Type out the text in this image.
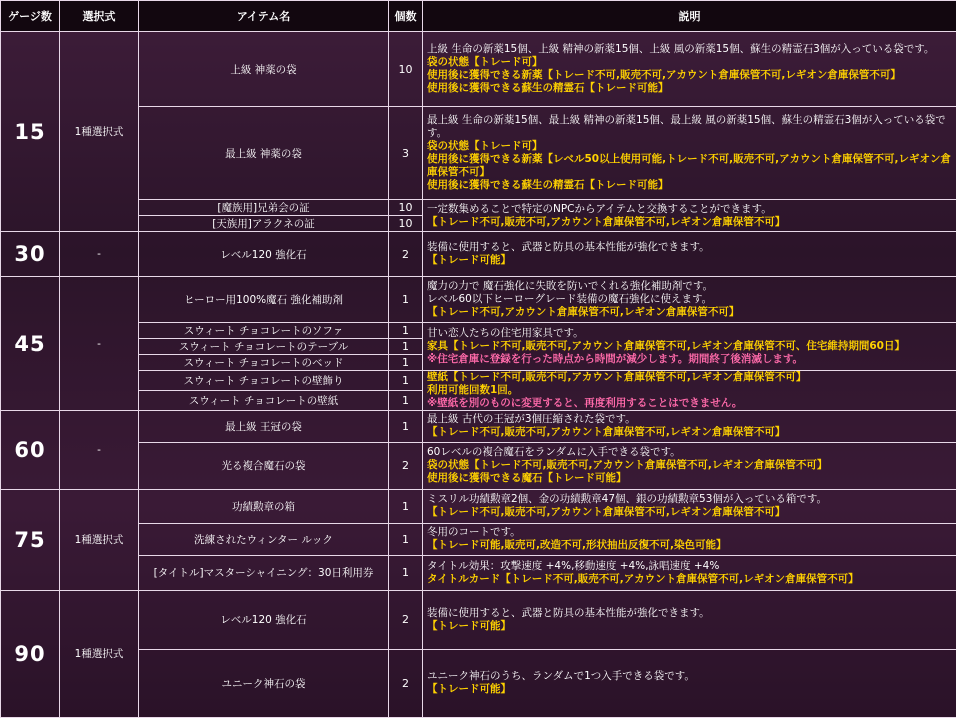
ゲージ数	選択式	アイテム名	個数	説明
15	1種選択式	上級 神薬の袋	10	上級 生命の新薬15個、上級 精神の新薬15個、上級 風の新薬15個、蘇生の精霊石3個が入っている袋です。
袋の状態【トレード可】
使用後に獲得できる新薬【トレード不可,販売不可,アカウント倉庫保管不可,レギオン倉庫保管不可】
使用後に獲得できる蘇生の精霊石【トレード可能】

		最上級 神薬の袋	3	最上級 生命の新薬15個、最上級 精神の新薬15個、最上級 風の新薬15個、蘇生の精霊石3個が入っている袋です。
袋の状態【トレード可】
使用後に獲得できる新薬【レベル50以上使用可能,トレード不可,販売不可,アカウント倉庫保管不可,レギオン倉庫保管不可】
使用後に獲得できる蘇生の精霊石【トレード可能】

		[魔族用]兄弟会の証	10	一定数集めることで特定のNPCからアイテムと交換することができます。
【トレード不可,販売不可,アカウント倉庫保管不可,レギオン倉庫保管不可】

		[天族用]アラクネの証	10	
30	-	レベル120 強化石	2	装備に使用すると、武器と防具の基本性能が強化できます。
【トレード可能】

45	-	ヒーロー用100%魔石 強化補助剤	1	魔力の力で 魔石強化に失敗を防いでくれる強化補助剤です。
レベル60以下ヒーローグレード装備の魔石強化に使えます。
【トレード不可,アカウント倉庫保管不可,レギオン倉庫保管不可】

		スウィート チョコレートのソファ	1	甘い恋人たちの住宅用家具です。
家具【トレード不可,販売不可,アカウント倉庫保管不可,レギオン倉庫保管不可、住宅維持期間60日】
※住宅倉庫に登録を行った時点から時間が減少します。期間終了後消滅します。

		スウィート チョコレートのテーブル	1	
		スウィート チョコレートのベッド	1	
		スウィート チョコレートの壁飾り	1	壁紙【トレード不可,販売不可,アカウント倉庫保管不可,レギオン倉庫保管不可】
利用可能回数1回。
※壁紙を別のものに変更すると、再度利用することはできません。

		スウィート チョコレートの壁紙	1	
60	-	最上級 王冠の袋	1	最上級 古代の王冠が3個圧縮された袋です。
【トレード不可,販売不可,アカウント倉庫保管不可,レギオン倉庫保管不可】

		光る複合魔石の袋	2	60レベルの複合魔石をランダムに入手できる袋です。
袋の状態【トレード不可,販売不可,アカウント倉庫保管不可,レギオン倉庫保管不可】
使用後に獲得できる魔石【トレード可能】

75	1種選択式	功績勲章の箱	1	ミスリル功績勲章2個、金の功績勲章47個、銀の功績勲章53個が入っている箱です。
【トレード不可,販売不可,アカウント倉庫保管不可,レギオン倉庫保管不可】

		洗練されたウィンター ルック	1	冬用のコートです。
【トレード可能,販売可,改造不可,形状抽出反復不可,染色可能】

		[タイトル]マスターシャイニング：30日利用券	1	タイトル効果：攻撃速度 +4%,移動速度 +4%,詠唱速度 +4%
タイトルカード【トレード不可,販売不可,アカウント倉庫保管不可,レギオン倉庫保管不可】

90	1種選択式	レベル120 強化石	2	装備に使用すると、武器と防具の基本性能が強化できます。
【トレード可能】

		ユニーク神石の袋	2	ユニーク神石のうち、ランダムで1つ入手できる袋です。
【トレード可能】
